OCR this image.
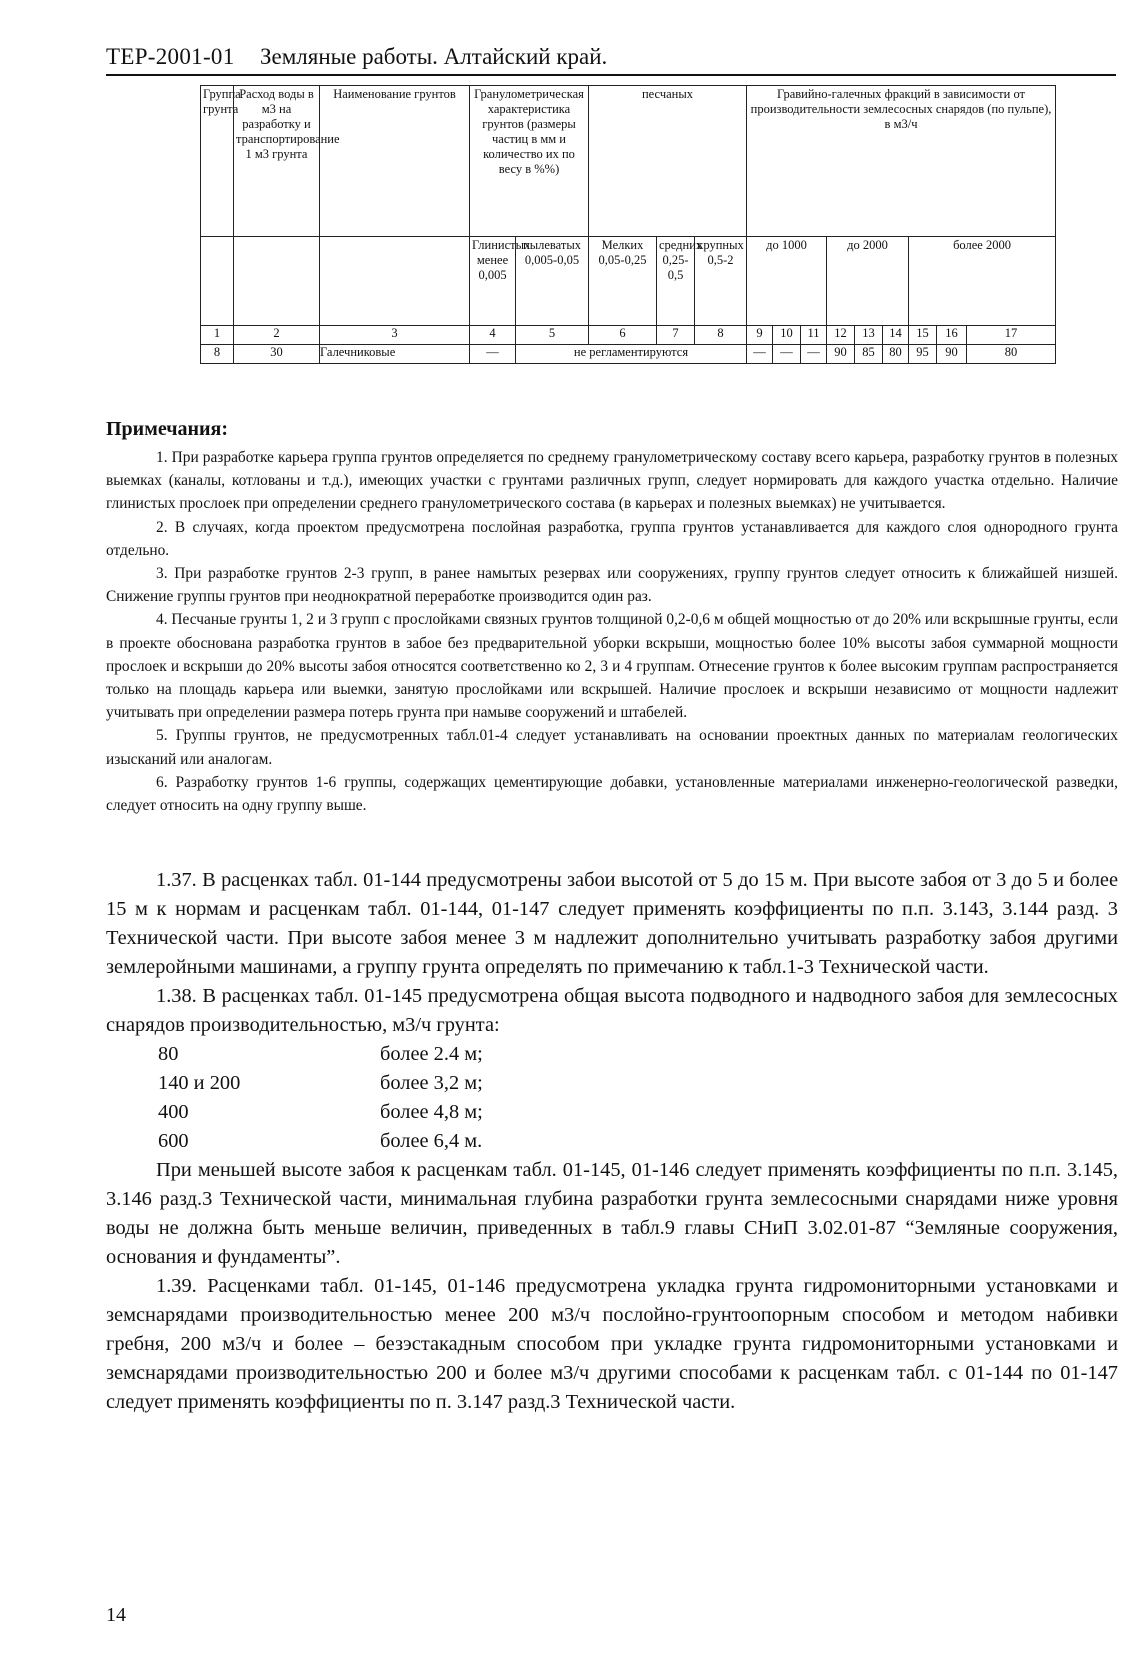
ТЕР-2001-01 Земляные работы. Алтайский край.
Группа грунта	Расход воды в м3 на разработку и транспортирование 1 м3 грунта	Наименование грунтов	Гранулометрическая характеристика грунтов (размеры частиц в мм и количество их по весу в %%)		песчаных			Гравийно-галечных фракций в зависимости от производительности землесосных снарядов (по пульпе), в м3/ч								
			Глинистых менее 0,005	пылеватых 0,005-0,05	Мелких 0,05-0,25	средних 0,25-0,5	крупных 0,5-2	до 1000			до 2000			более 2000		
1	2	3	4	5	6	7	8	9	10	11	12	13	14	15	16	17
8	30	Галечниковые	—	не регламентируются				—	—	—	90	85	80	95	90	80
Примечания:

1. При разработке карьера группа грунтов определяется по среднему гранулометрическому составу всего карьера, разработку грунтов в полезных выемках (каналы, котлованы и т.д.), имеющих участки с грунтами различных групп, следует нормировать для каждого участка отдельно. Наличие глинистых прослоек при определении среднего гранулометрического состава (в карьерах и полезных выемках) не учитывается.

2. В случаях, когда проектом предусмотрена послойная разработка, группа грунтов устанавливается для каждого слоя однородного грунта отдельно.

3. При разработке грунтов 2-3 групп, в ранее намытых резервах или сооружениях, группу грунтов следует относить к ближайшей низшей. Снижение группы грунтов при неоднократной переработке производится один раз.

4. Песчаные грунты 1, 2 и 3 групп с прослойками связных грунтов толщиной 0,2-0,6 м общей мощностью от до 20% или вскрышные грунты, если в проекте обоснована разработка грунтов в забое без предварительной уборки вскрыши, мощностью более 10% высоты забоя суммарной мощности прослоек и вскрыши до 20% высоты забоя относятся соответственно ко 2, 3 и 4 группам. Отнесение грунтов к более высоким группам распространяется только на площадь карьера или выемки, занятую прослойками или вскрышей. Наличие прослоек и вскрыши независимо от мощности надлежит учитывать при определении размера потерь грунта при намыве сооружений и штабелей.

5. Группы грунтов, не предусмотренных табл.01-4 следует устанавливать на основании проектных данных по материалам геологических изысканий или аналогам.

6. Разработку грунтов 1-6 группы, содержащих цементирующие добавки, установленные материалами инженерно-геологической разведки, следует относить на одну группу выше.

1.37. В расценках табл. 01-144 предусмотрены забои высотой от 5 до 15 м. При высоте забоя от 3 до 5 и более 15 м к нормам и расценкам табл. 01-144, 01-147 следует применять коэффициенты по п.п. 3.143, 3.144 разд. 3 Технической части. При высоте забоя менее 3 м надлежит дополнительно учитывать разработку забоя другими землеройными машинами, а группу грунта определять по примечанию к табл.1-3 Технической части.

1.38. В расценках табл. 01-145 предусмотрена общая высота подводного и надводного забоя для землесосных снарядов производительностью, м3/ч грунта:

80	более 2.4 м;
140 и 200	более 3,2 м;
400	более 4,8 м;
600	более 6,4 м.

При меньшей высоте забоя к расценкам табл. 01-145, 01-146 следует применять коэффициенты по п.п. 3.145, 3.146 разд.3 Технической части, минимальная глубина разработки грунта землесосными снарядами ниже уровня воды не должна быть меньше величин, приведенных в табл.9 главы СНиП 3.02.01-87 “Земляные сооружения, основания и фундаменты”.

1.39. Расценками табл. 01-145, 01-146 предусмотрена укладка грунта гидромониторными установками и земснарядами производительностью менее 200 м3/ч послойно-грунтоопорным способом и методом набивки гребня, 200 м3/ч и более – безэстакадным способом при укладке грунта гидромониторными установками и земснарядами производительностью 200 и более м3/ч другими способами к расценкам табл. с 01-144 по 01-147 следует применять коэффициенты по п. 3.147 разд.3 Технической части.

14
